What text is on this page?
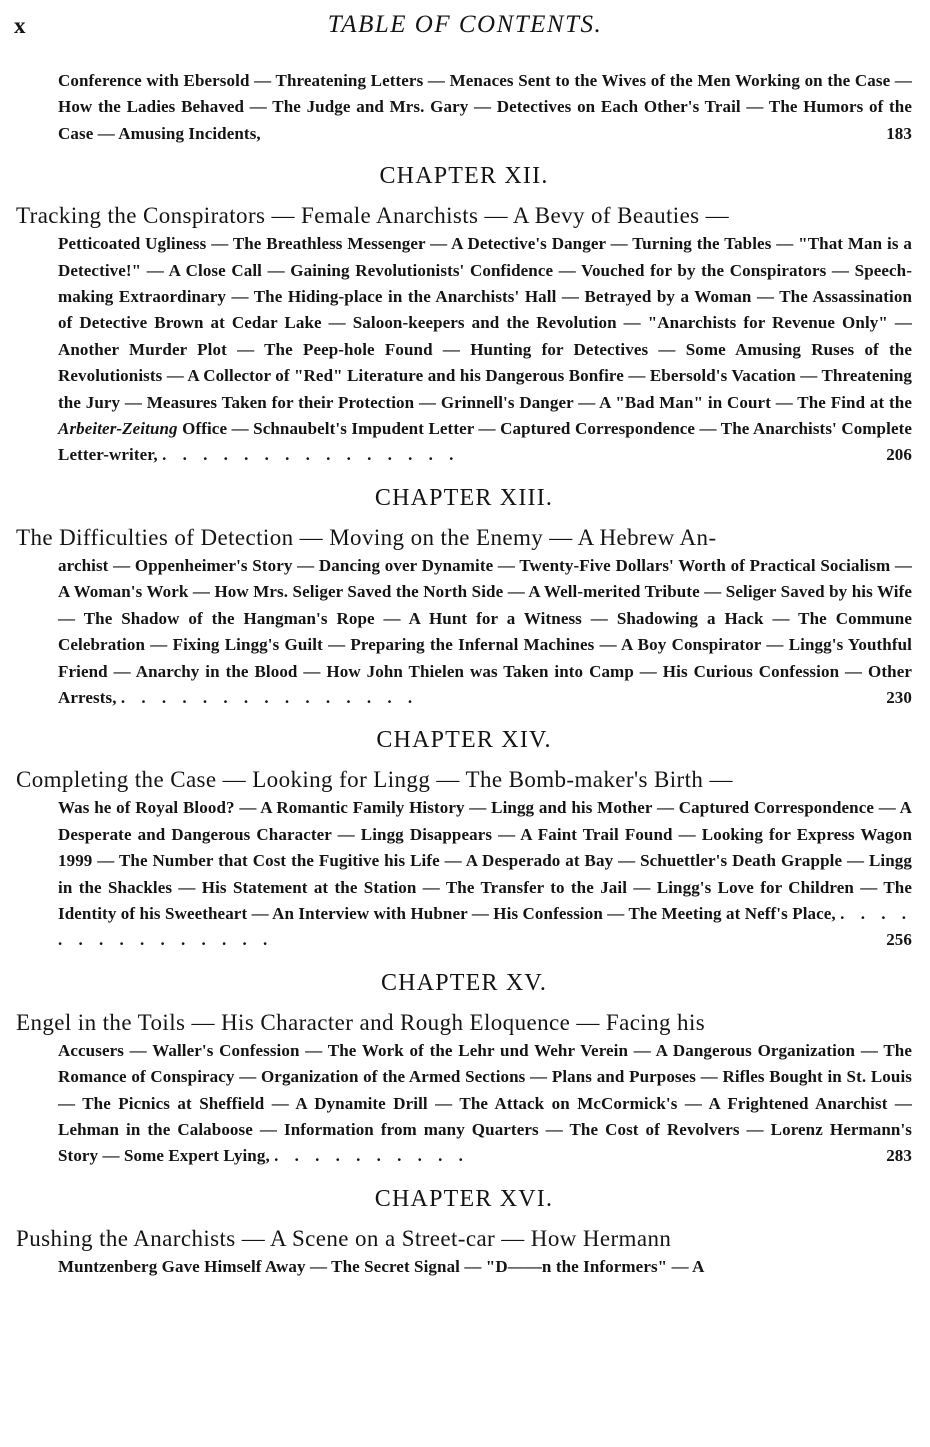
x	TABLE OF CONTENTS.

Conference with Ebersold — Threatening Letters — Menaces Sent to the Wives of the Men Working on the Case — How the Ladies Behaved — The Judge and Mrs. Gary — Detectives on Each Other's Trail — The Humors of the Case — Amusing Incidents,	183

CHAPTER XII.

Tracking the Conspirators — Female Anarchists — A Bevy of Beauties —
Petticoated Ugliness — The Breathless Messenger — A Detective's Danger — Turning the Tables — "That Man is a Detective!" — A Close Call — Gaining Revolutionists' Confidence — Vouched for by the Conspirators — Speech-making Extraordinary — The Hiding-place in the Anarchists' Hall — Betrayed by a Woman — The Assassination of Detective Brown at Cedar Lake — Saloon-keepers and the Revolution — "Anarchists for Revenue Only" — Another Murder Plot — The Peep-hole Found — Hunting for Detectives — Some Amusing Ruses of the Revolutionists — A Collector of "Red" Literature and his Dangerous Bonfire — Ebersold's Vacation — Threatening the Jury — Measures Taken for their Protection — Grinnell's Danger — A "Bad Man" in Court — The Find at the Arbeiter-Zeitung Office — Schnaubelt's Impudent Letter — Captured Correspondence — The Anarchists' Complete Letter-writer, . . . . . . . . . . . . . . .	206

CHAPTER XIII.

The Difficulties of Detection — Moving on the Enemy — A Hebrew An-
archist — Oppenheimer's Story — Dancing over Dynamite — Twenty-Five Dollars' Worth of Practical Socialism — A Woman's Work — How Mrs. Seliger Saved the North Side — A Well-merited Tribute — Seliger Saved by his Wife — The Shadow of the Hangman's Rope — A Hunt for a Witness — Shadowing a Hack — The Commune Celebration — Fixing Lingg's Guilt — Preparing the Infernal Machines — A Boy Conspirator — Lingg's Youthful Friend — Anarchy in the Blood — How John Thielen was Taken into Camp — His Curious Confession — Other Arrests, . . . . . . . . . . . . . . .	230

CHAPTER XIV.

Completing the Case — Looking for Lingg — The Bomb-maker's Birth —
Was he of Royal Blood? — A Romantic Family History — Lingg and his Mother — Captured Correspondence — A Desperate and Dangerous Character — Lingg Disappears — A Faint Trail Found — Looking for Express Wagon 1999 — The Number that Cost the Fugitive his Life — A Desperado at Bay — Schuettler's Death Grapple — Lingg in the Shackles — His Statement at the Station — The Transfer to the Jail — Lingg's Love for Children — The Identity of his Sweetheart — An Interview with Hubner — His Confession — The Meeting at Neff's Place, . . . . . . . . . . . . . . .	256

CHAPTER XV.

Engel in the Toils — His Character and Rough Eloquence — Facing his
Accusers — Waller's Confession — The Work of the Lehr und Wehr Verein — A Dangerous Organization — The Romance of Conspiracy — Organization of the Armed Sections — Plans and Purposes — Rifles Bought in St. Louis — The Picnics at Sheffield — A Dynamite Drill — The Attack on McCormick's — A Frightened Anarchist — Lehman in the Calaboose — Information from many Quarters — The Cost of Revolvers — Lorenz Hermann's Story — Some Expert Lying, . . . . . . . . . .	283

CHAPTER XVI.

Pushing the Anarchists — A Scene on a Street-car — How Hermann
Muntzenberg Gave Himself Away — The Secret Signal — "D——n the Informers" — A
